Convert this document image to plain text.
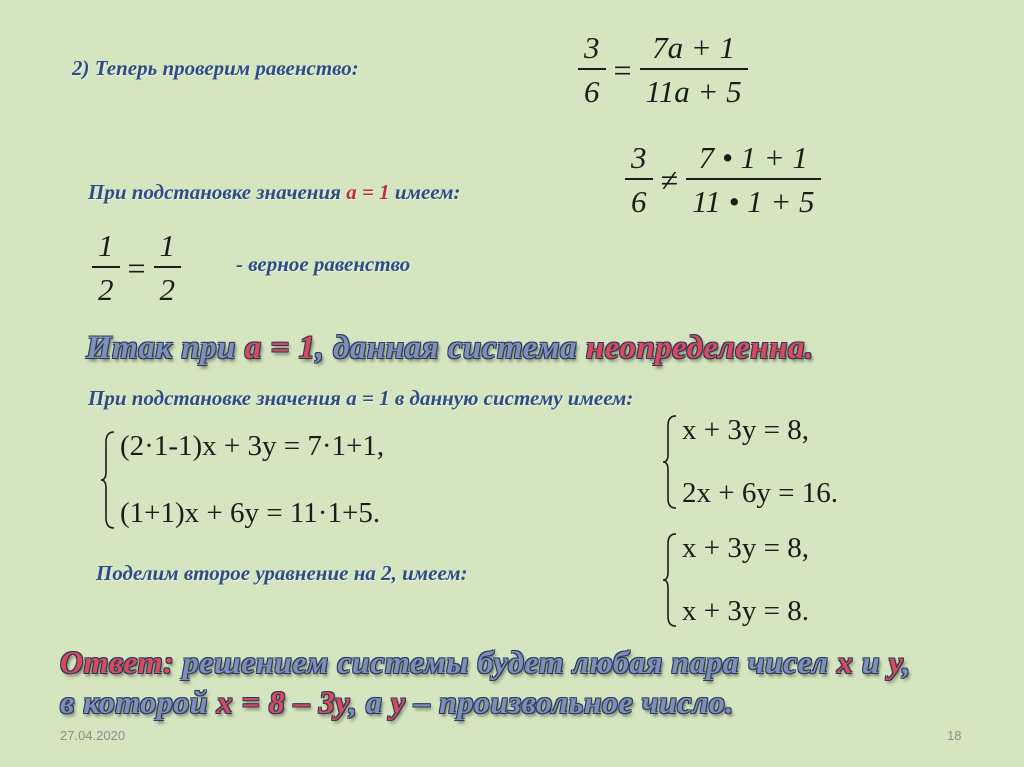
2) Теперь проверим равенство:	$\frac{3}{6} = \frac{7a + 1}{11a + 5}$
При подстановке значения a = 1 имеем:	$\frac{3}{6} \ne \frac{7 • 1 + 1}{11 • 1 + 5}$
$\frac{1}{2} = \frac{1}{2}$	- верное равенство
Итак при a = 1, данная система неопределенна.
При подстановке значения a = 1 в данную систему имеем:
(2·1-1)x + 3y = 7·1+1,
(1+1)x + 6y = 11·1+5.
x + 3y = 8,
2x + 6y = 16.
Поделим второе уравнение на 2, имеем:
x + 3y = 8,
x + 3y = 8.
Ответ: решением системы будет любая пара чисел x и y,
в которой x = 8 – 3y, а y – произвольное число.
27.04.2020	18
